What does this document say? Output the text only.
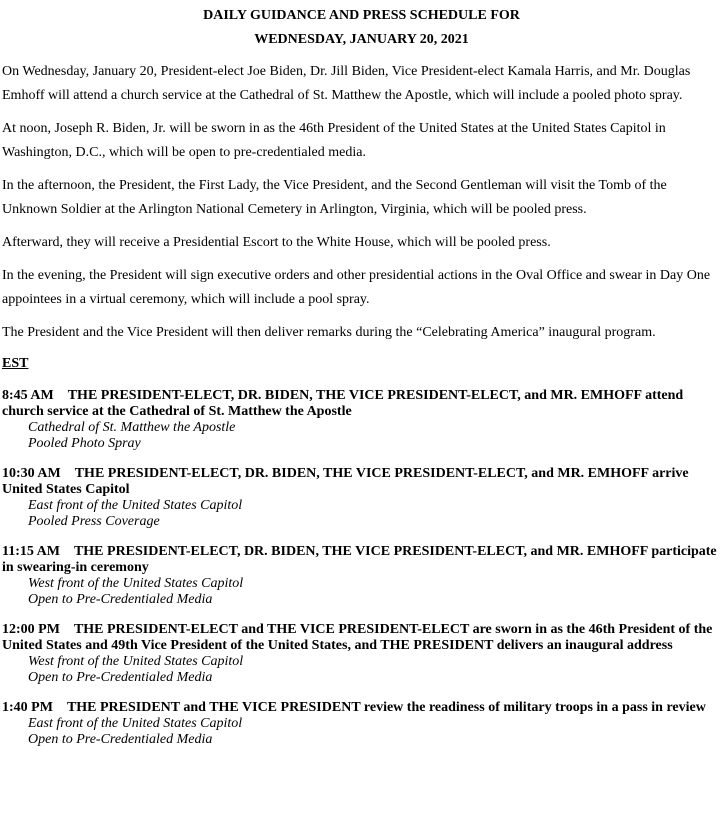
DAILY GUIDANCE AND PRESS SCHEDULE FOR

WEDNESDAY, JANUARY 20, 2021

On Wednesday, January 20, President-elect Joe Biden, Dr. Jill Biden, Vice President-elect Kamala Harris, and Mr. Douglas Emhoff will attend a church service at the Cathedral of St. Matthew the Apostle, which will include a pooled photo spray.

At noon, Joseph R. Biden, Jr. will be sworn in as the 46th President of the United States at the United States Capitol in Washington, D.C., which will be open to pre-credentialed media.

In the afternoon, the President, the First Lady, the Vice President, and the Second Gentleman will visit the Tomb of the Unknown Soldier at the Arlington National Cemetery in Arlington, Virginia, which will be pooled press.

Afterward, they will receive a Presidential Escort to the White House, which will be pooled press.

In the evening, the President will sign executive orders and other presidential actions in the Oval Office and swear in Day One appointees in a virtual ceremony, which will include a pool spray.

The President and the Vice President will then deliver remarks during the “Celebrating America” inaugural program.

EST

8:45 AM THE PRESIDENT-ELECT, DR. BIDEN, THE VICE PRESIDENT-ELECT, and MR. EMHOFF attend church service at the Cathedral of St. Matthew the Apostle

Cathedral of St. Matthew the Apostle

Pooled Photo Spray

10:30 AM THE PRESIDENT-ELECT, DR. BIDEN, THE VICE PRESIDENT-ELECT, and MR. EMHOFF arrive United States Capitol

East front of the United States Capitol

Pooled Press Coverage

11:15 AM THE PRESIDENT-ELECT, DR. BIDEN, THE VICE PRESIDENT-ELECT, and MR. EMHOFF participate in swearing-in ceremony

West front of the United States Capitol

Open to Pre-Credentialed Media

12:00 PM THE PRESIDENT-ELECT and THE VICE PRESIDENT-ELECT are sworn in as the 46th President of the United States and 49th Vice President of the United States, and THE PRESIDENT delivers an inaugural address

West front of the United States Capitol

Open to Pre-Credentialed Media

1:40 PM THE PRESIDENT and THE VICE PRESIDENT review the readiness of military troops in a pass in review

East front of the United States Capitol

Open to Pre-Credentialed Media
